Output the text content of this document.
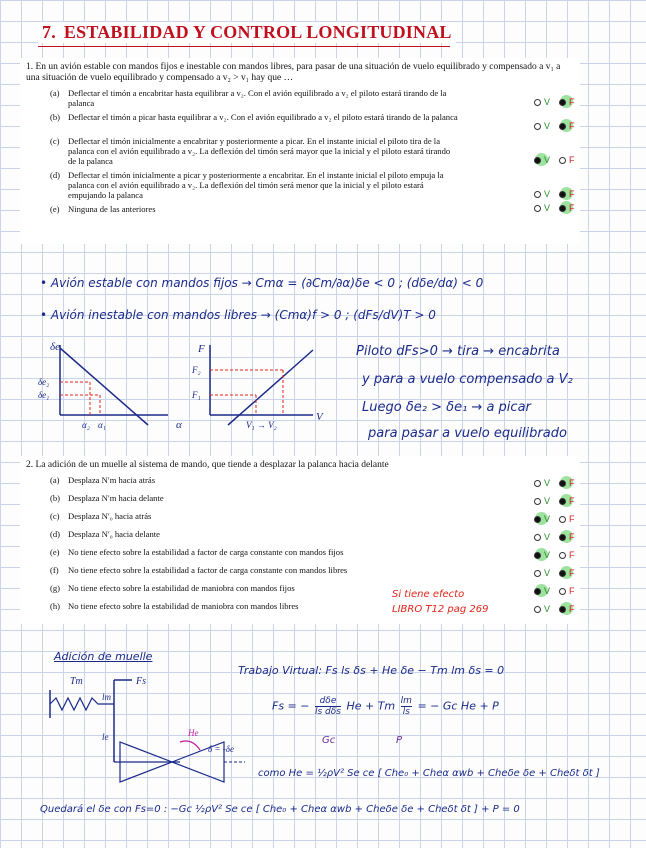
7. ESTABILIDAD Y CONTROL LONGITUDINAL
1. En un avión estable con mandos fijos e inestable con mandos libres, para pasar de una situación de vuelo equilibrado y compensado a v₁ a una situación de vuelo equilibrado y compensado a v₂ > v₁ hay que …
(a) Deflectar el timón a encabritar hasta equilibrar a v₂. Con el avión equilibrado a v₂ el piloto estará tirando de la palanca	V F
(b) Deflectar el timón a picar hasta equilibrar a v₂. Con el avión equilibrado a v₂ el piloto estará tirando de la palanca
V F
(c) Deflectar el timón inicialmente a encabritar y posteriormente a picar. En el instante inicial el piloto tira de la palanca con el avión equilibrado a v₂. La deflexión del timón será mayor que la inicial y el piloto estará tirando de la palanca	V F
(d) Deflectar el timón inicialmente a picar y posteriormente a encabritar. En el instante inicial el piloto empuja la palanca con el avión equilibrado a v₂. La deflexión del timón será menor que la inicial y el piloto estará empujando la palanca	V F
(e) Ninguna de las anteriores	V F
• Avión estable con mandos fijos → Cmα = (∂Cm/∂α)δe < 0 ; (dδe/dα) < 0
• Avión inestable con mandos libres → (Cmα)f > 0 ; (dFs/dV)T > 0
δe
α
δe₂
δe₁
α₂ α₁
F
V
F₂
F₁
V₁ → V₂
Piloto dFs>0 → tira → encabrita
y para a vuelo compensado a V₂
Luego δe₂ > δe₁ → a picar
para pasar a vuelo equilibrado
2. La adición de un muelle al sistema de mando, que tiende a desplazar la palanca hacia delante
(a) Desplaza N′m hacia atrás	V F
(b) Desplaza N′m hacia delante	V F
(c) Desplaza N′₀ hacia atrás	V F
(d) Desplaza N′₀ hacia delante	V F
(e) No tiene efecto sobre la estabilidad a factor de carga constante con mandos fijos	V F
(f) No tiene efecto sobre la estabilidad a factor de carga constante con mandos libres	V F
(g) No tiene efecto sobre la estabilidad de maniobra con mandos fijos	V F
(h) No tiene efecto sobre la estabilidad de maniobra con mandos libres	V F
Si tiene efecto
LIBRO T12 pag 269
Adición de muelle
Tm	Fs
lm
le	He
δ = -δe
Trabajo Virtual: Fs ls δs + He δe − Tm lm δs = 0
Fs = −	dδe
ls dδs He + Tm $\frac{lm}{ls}$ = − Gc He + P
Gc	P
como He = ½ρV² Se ce [ Che₀ + Cheα αwb + Cheδe δe + Cheδt δt ]
Quedará el δe con Fs=0 : −Gc ½ρV² Se ce [ Che₀ + Cheα αwb + Cheδe δe + Cheδt δt ] + P = 0
